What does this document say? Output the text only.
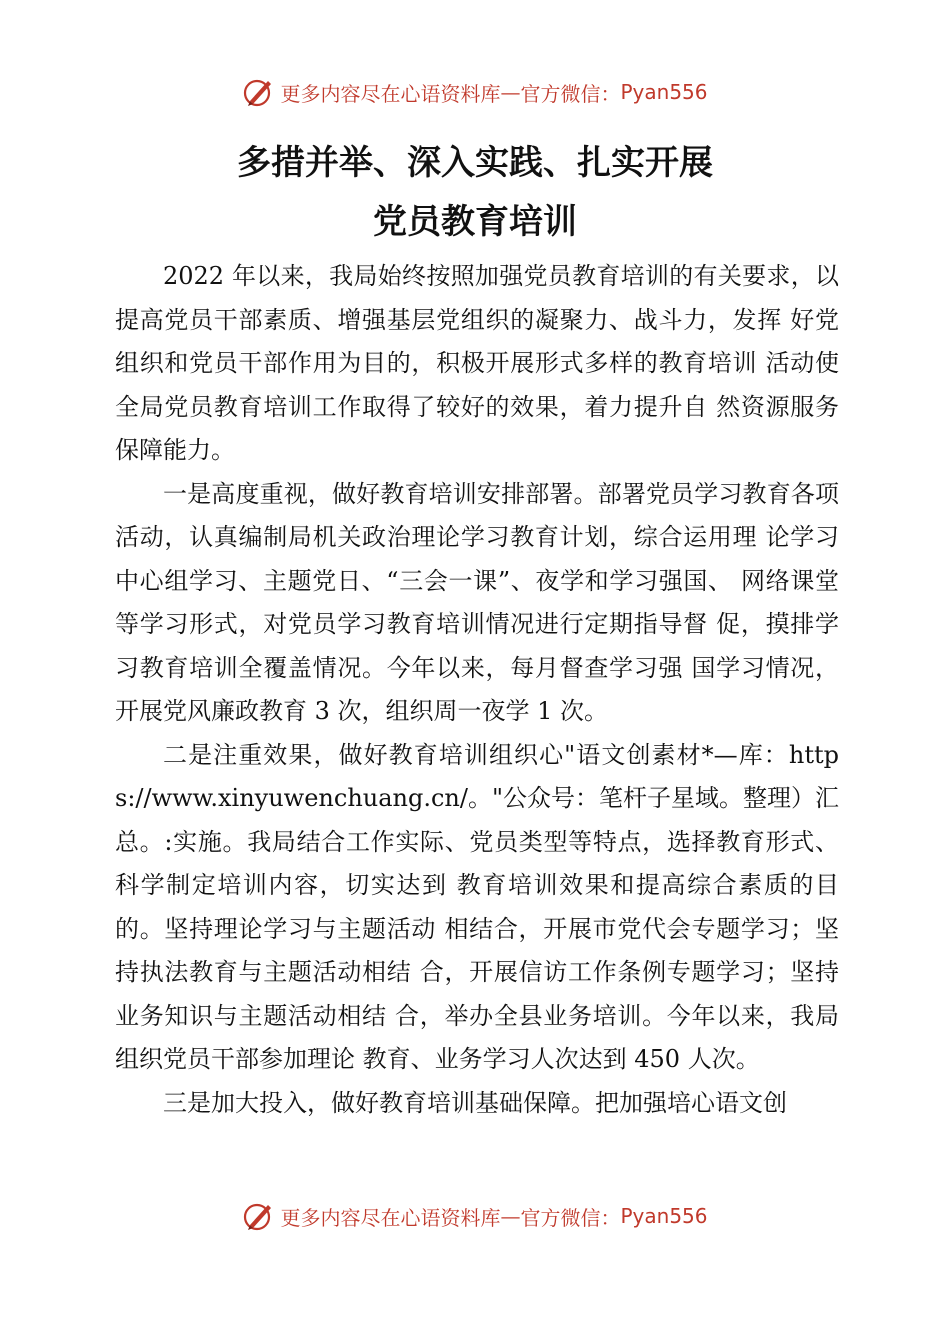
更多内容尽在心语资料库 — 官方微信： Pyan556
多措并举、深入实践、扎实开展
党员教育培训

2022 年以来，我局始终按照加强党员教育培训的有关要求，以提高党员干部素质、增强基层党组织的凝聚力、战斗力，发挥 好党组织和党员干部作用为目的，积极开展形式多样的教育培训 活动使全局党员教育培训工作取得了较好的效果，着力提升自 然资源服务保障能力。

一是高度重视，做好教育培训安排部署。部署党员学习教育各项活动，认真编制局机关政治理论学习教育计划，综合运用理 论学习中心组学习、主题党日、“三会一课”、夜学和学习强国、 网络课堂等学习形式，对党员学习教育培训情况进行定期指导督 促，摸排学习教育培训全覆盖情况。今年以来，每月督查学习强 国学习情况，开展党风廉政教育 3 次，组织周一夜学 1 次。

二是注重效果，做好教育培训组织心"语文创素材*—库：https://www.xinyuwenchuang.cn/。"公众号：笔杆子星域。整理）汇总。:实施。我局结合工作实际、党员类型等特点，选择教育形式、科学制定培训内容，切实达到 教育培训效果和提高综合素质的目的。坚持理论学习与主题活动 相结合，开展市党代会专题学习；坚持执法教育与主题活动相结 合，开展信访工作条例专题学习；坚持业务知识与主题活动相结 合，举办全县业务培训。今年以来，我局组织党员干部参加理论 教育、业务学习人次达到 450 人次。

三是加大投入，做好教育培训基础保障。把加强培心语文创

更多内容尽在心语资料库 — 官方微信： Pyan556
